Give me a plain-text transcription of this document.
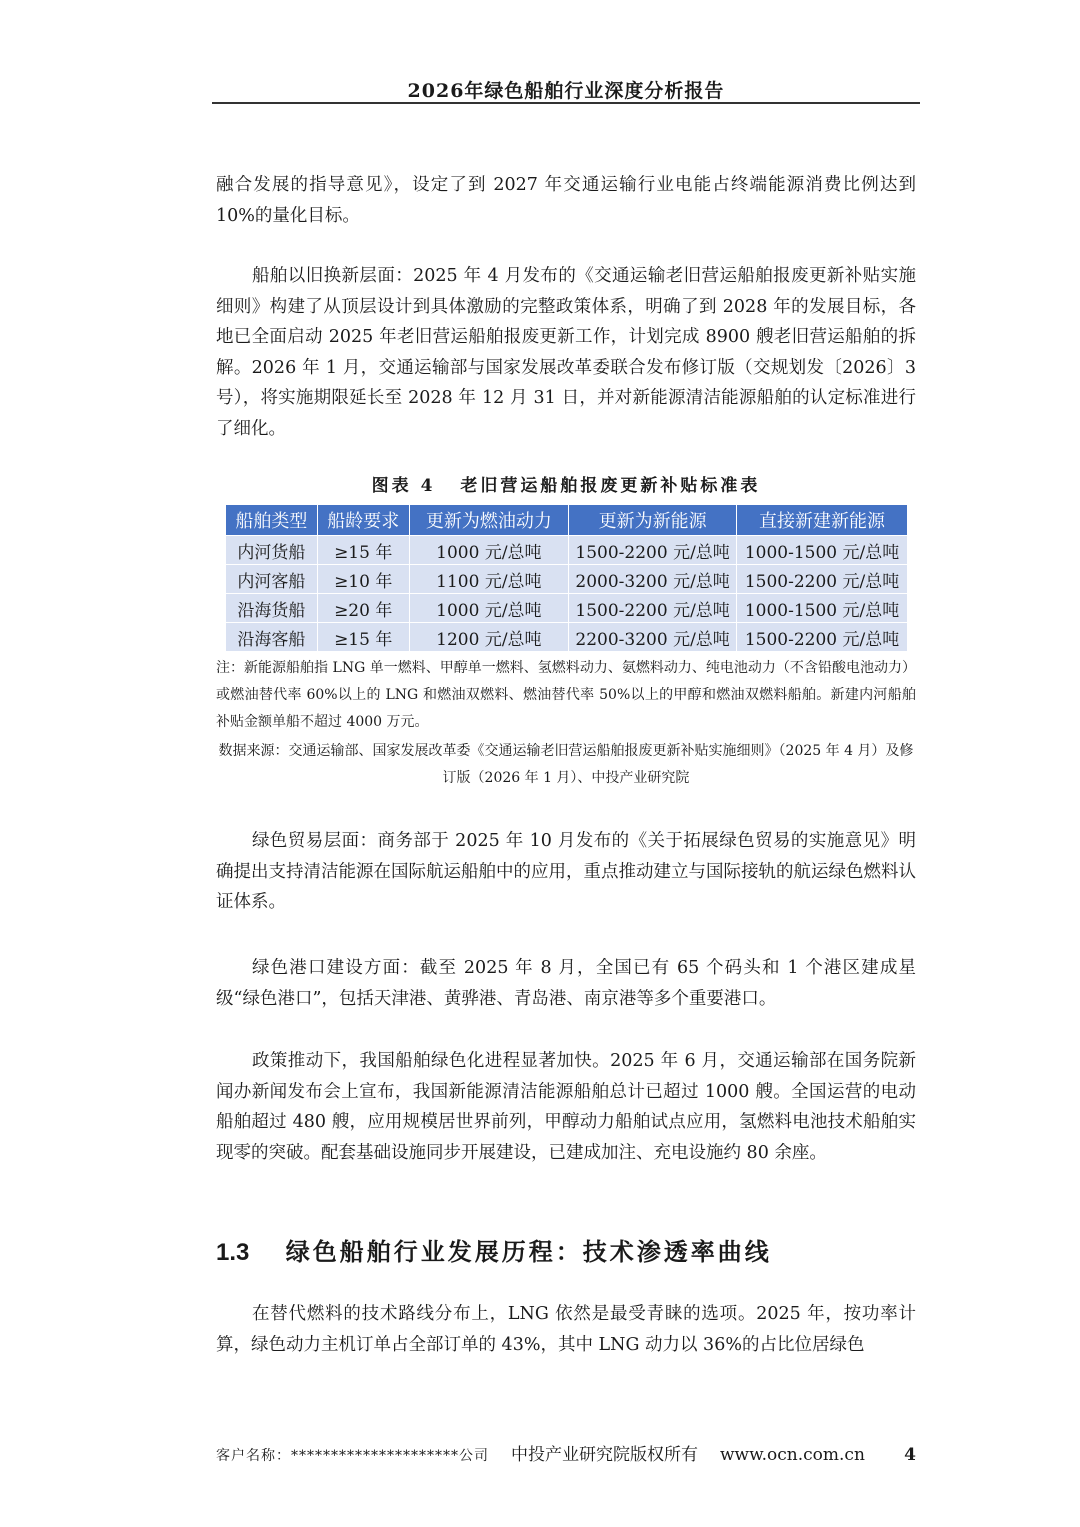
2026年绿色船舶行业深度分析报告

融合发展的指导意见》，设定了到 2027 年交通运输行业电能占终端能源消费比例达到 10%的量化目标。

船舶以旧换新层面：2025 年 4 月发布的《交通运输老旧营运船舶报废更新补贴实施细则》构建了从顶层设计到具体激励的完整政策体系，明确了到 2028 年的发展目标，各地已全面启动 2025 年老旧营运船舶报废更新工作，计划完成 8900 艘老旧营运船舶的拆解。2026 年 1 月，交通运输部与国家发展改革委联合发布修订版（交规划发〔2026〕3 号），将实施期限延长至 2028 年 12 月 31 日，并对新能源清洁能源船舶的认定标准进行了细化。

图表 4 老旧营运船舶报废更新补贴标准表
船舶类型	船龄要求	更新为燃油动力	更新为新能源	直接新建新能源
内河货船	≥15 年	1000 元/总吨	1500-2200 元/总吨	1000-1500 元/总吨
内河客船	≥10 年	1100 元/总吨	2000-3200 元/总吨	1500-2200 元/总吨
沿海货船	≥20 年	1000 元/总吨	1500-2200 元/总吨	1000-1500 元/总吨
沿海客船	≥15 年	1200 元/总吨	2200-3200 元/总吨	1500-2200 元/总吨

注：新能源船舶指 LNG 单一燃料、甲醇单一燃料、氢燃料动力、氨燃料动力、纯电池动力（不含铅酸电池动力）或燃油替代率 60%以上的 LNG 和燃油双燃料、燃油替代率 50%以上的甲醇和燃油双燃料船舶。新建内河船舶补贴金额单船不超过 4000 万元。

数据来源：交通运输部、国家发展改革委《交通运输老旧营运船舶报废更新补贴实施细则》（2025 年 4 月）及修订版（2026 年 1 月）、中投产业研究院

绿色贸易层面：商务部于 2025 年 10 月发布的《关于拓展绿色贸易的实施意见》明确提出支持清洁能源在国际航运船舶中的应用，重点推动建立与国际接轨的航运绿色燃料认证体系。

绿色港口建设方面：截至 2025 年 8 月，全国已有 65 个码头和 1 个港区建成星级“绿色港口”，包括天津港、黄骅港、青岛港、南京港等多个重要港口。

政策推动下，我国船舶绿色化进程显著加快。2025 年 6 月，交通运输部在国务院新闻办新闻发布会上宣布，我国新能源清洁能源船舶总计已超过 1000 艘。全国运营的电动船舶超过 480 艘，应用规模居世界前列，甲醇动力船舶试点应用，氢燃料电池技术船舶实现零的突破。配套基础设施同步开展建设，已建成加注、充电设施约 80 余座。

1.3 绿色船舶行业发展历程：技术渗透率曲线

在替代燃料的技术路线分布上，LNG 依然是最受青睐的选项。2025 年，按功率计算，绿色动力主机订单占全部订单的 43%，其中 LNG 动力以 36%的占比位居绿色

客户名称：*********************公司 中投产业研究院版权所有 www.ocn.com.cn 4
